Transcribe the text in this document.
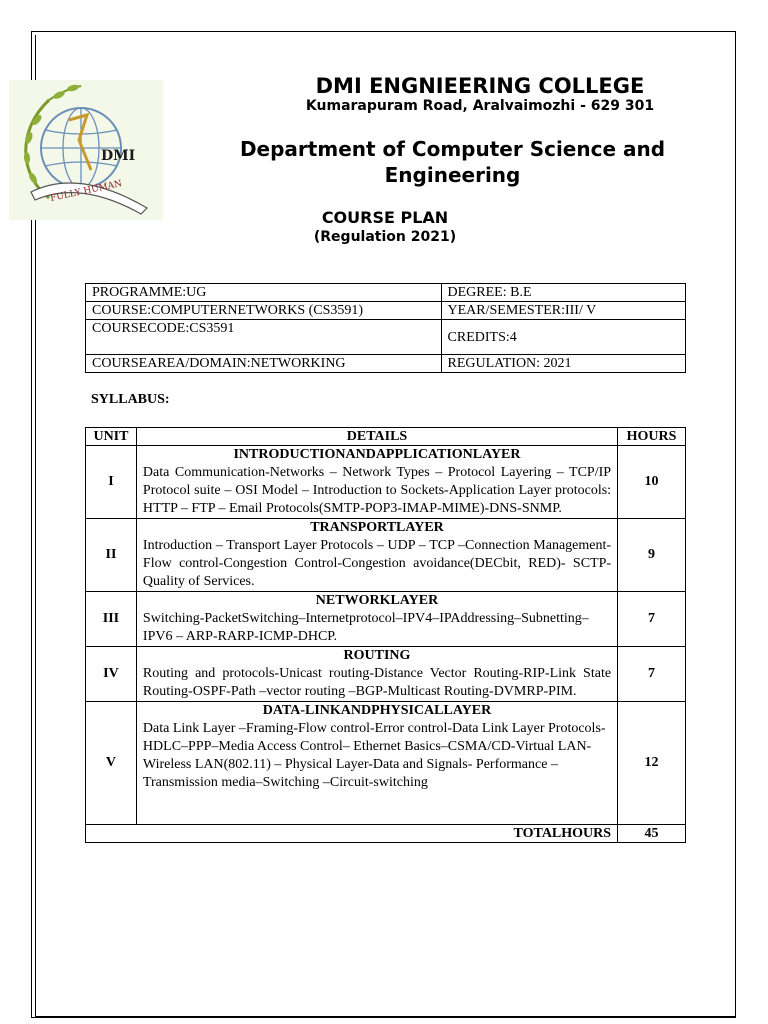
DMI
FULLY HUMAN
DMI ENGNIEERING COLLEGE
Kumarapuram Road, Aralvaimozhi - 629 301
Department of Computer Science and Engineering
COURSE PLAN
(Regulation 2021)
PROGRAMME:UG	DEGREE: B.E
COURSE:COMPUTERNETWORKS (CS3591)	YEAR/SEMESTER:III/ V
COURSECODE:CS3591	CREDITS:4
COURSEAREA/DOMAIN:NETWORKING	REGULATION: 2021
SYLLABUS:
UNIT	DETAILS	HOURS
I	INTRODUCTIONANDAPPLICATIONLAYER
Data Communication-Networks – Network Types – Protocol Layering – TCP/IP Protocol suite – OSI Model – Introduction to Sockets-Application Layer protocols: HTTP – FTP – Email Protocols(SMTP-POP3-IMAP-MIME)-DNS-SNMP.	10
II	TRANSPORTLAYER
Introduction – Transport Layer Protocols – UDP – TCP –Connection Management-Flow control-Congestion Control-Congestion avoidance(DECbit, RED)- SCTP-Quality of Services.	9
III	NETWORKLAYER
Switching-PacketSwitching–Internetprotocol–IPV4–IPAddressing–Subnetting–IPV6 – ARP-RARP-ICMP-DHCP.	7
IV	ROUTING
Routing and protocols-Unicast routing-Distance Vector Routing-RIP-Link State Routing-OSPF-Path –vector routing –BGP-Multicast Routing-DVMRP-PIM.	7
V	DATA-LINKANDPHYSICALLAYER
Data Link Layer –Framing-Flow control-Error control-Data Link Layer Protocols-HDLC–PPP–Media Access Control– Ethernet Basics–CSMA/CD-Virtual LAN- Wireless LAN(802.11) – Physical Layer-Data and Signals- Performance – Transmission media–Switching –Circuit-switching	12
	TOTALHOURS	45
